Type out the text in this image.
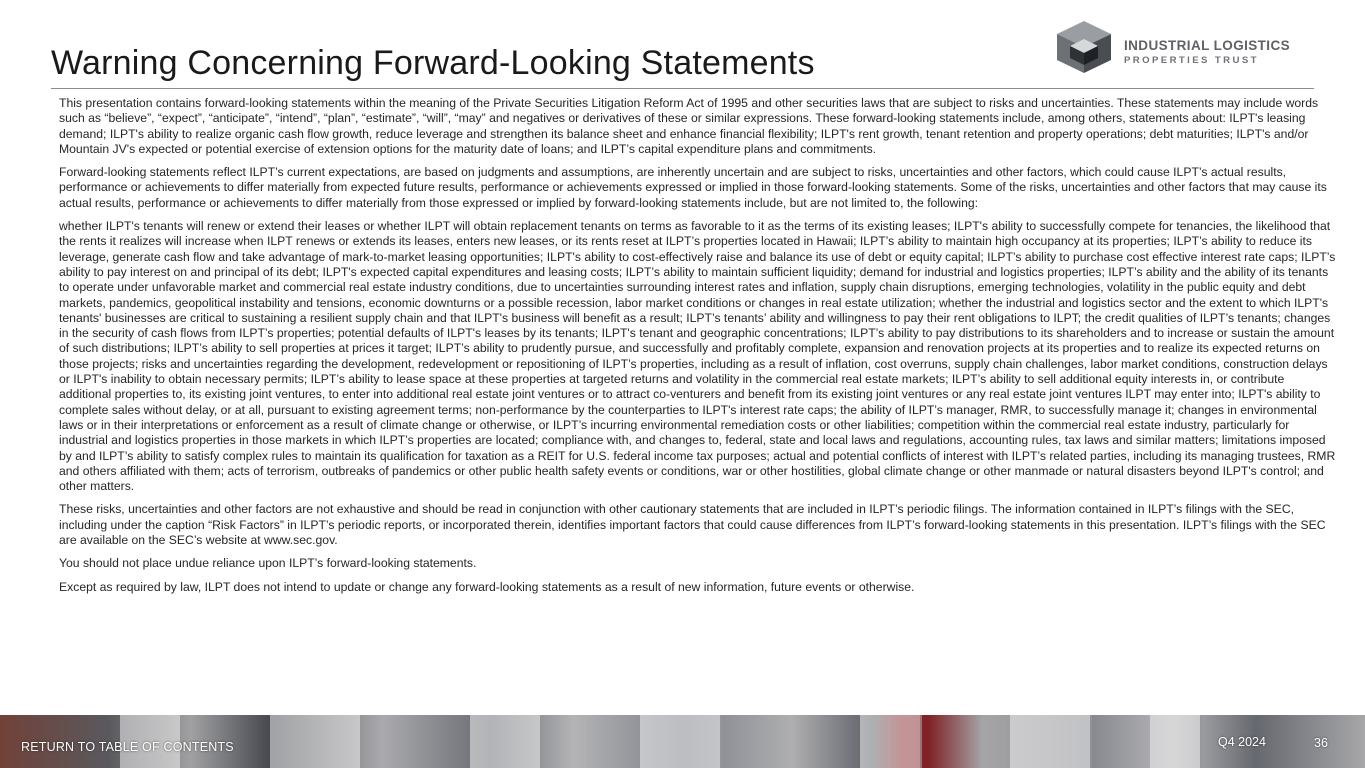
Warning Concerning Forward-Looking Statements	INDUSTRIAL LOGISTICS
PROPERTIES TRUST

This presentation contains forward-looking statements within the meaning of the Private Securities Litigation Reform Act of 1995 and other securities laws that are subject to risks and uncertainties. These statements may include words such as “believe”, “expect”, “anticipate”, “intend”, “plan”, “estimate”, “will”, “may” and negatives or derivatives of these or similar expressions. These forward-looking statements include, among others, statements about: ILPT's leasing demand; ILPT's ability to realize organic cash flow growth, reduce leverage and strengthen its balance sheet and enhance financial flexibility; ILPT's rent growth, tenant retention and property operations; debt maturities; ILPT's and/or Mountain JV's expected or potential exercise of extension options for the maturity date of loans; and ILPT’s capital expenditure plans and commitments.

Forward-looking statements reflect ILPT’s current expectations, are based on judgments and assumptions, are inherently uncertain and are subject to risks, uncertainties and other factors, which could cause ILPT’s actual results, performance or achievements to differ materially from expected future results, performance or achievements expressed or implied in those forward-looking statements. Some of the risks, uncertainties and other factors that may cause its actual results, performance or achievements to differ materially from those expressed or implied by forward-looking statements include, but are not limited to, the following:

whether ILPT's tenants will renew or extend their leases or whether ILPT will obtain replacement tenants on terms as favorable to it as the terms of its existing leases; ILPT's ability to successfully compete for tenancies, the likelihood that the rents it realizes will increase when ILPT renews or extends its leases, enters new leases, or its rents reset at ILPT’s properties located in Hawaii; ILPT’s ability to maintain high occupancy at its properties; ILPT’s ability to reduce its leverage, generate cash flow and take advantage of mark-to-market leasing opportunities; ILPT's ability to cost-effectively raise and balance its use of debt or equity capital; ILPT’s ability to purchase cost effective interest rate caps; ILPT’s ability to pay interest on and principal of its debt; ILPT's expected capital expenditures and leasing costs; ILPT’s ability to maintain sufficient liquidity; demand for industrial and logistics properties; ILPT’s ability and the ability of its tenants to operate under unfavorable market and commercial real estate industry conditions, due to uncertainties surrounding interest rates and inflation, supply chain disruptions, emerging technologies, volatility in the public equity and debt markets, pandemics, geopolitical instability and tensions, economic downturns or a possible recession, labor market conditions or changes in real estate utilization; whether the industrial and logistics sector and the extent to which ILPT's tenants' businesses are critical to sustaining a resilient supply chain and that ILPT's business will benefit as a result; ILPT’s tenants’ ability and willingness to pay their rent obligations to ILPT; the credit qualities of ILPT’s tenants; changes in the security of cash flows from ILPT’s properties; potential defaults of ILPT's leases by its tenants; ILPT's tenant and geographic concentrations; ILPT’s ability to pay distributions to its shareholders and to increase or sustain the amount of such distributions; ILPT’s ability to sell properties at prices it target; ILPT’s ability to prudently pursue, and successfully and profitably complete, expansion and renovation projects at its properties and to realize its expected returns on those projects; risks and uncertainties regarding the development, redevelopment or repositioning of ILPT’s properties, including as a result of inflation, cost overruns, supply chain challenges, labor market conditions, construction delays or ILPT's inability to obtain necessary permits; ILPT’s ability to lease space at these properties at targeted returns and volatility in the commercial real estate markets; ILPT’s ability to sell additional equity interests in, or contribute additional properties to, its existing joint ventures, to enter into additional real estate joint ventures or to attract co-venturers and benefit from its existing joint ventures or any real estate joint ventures ILPT may enter into; ILPT's ability to complete sales without delay, or at all, pursuant to existing agreement terms; non-performance by the counterparties to ILPT's interest rate caps; the ability of ILPT’s manager, RMR, to successfully manage it; changes in environmental laws or in their interpretations or enforcement as a result of climate change or otherwise, or ILPT’s incurring environmental remediation costs or other liabilities; competition within the commercial real estate industry, particularly for industrial and logistics properties in those markets in which ILPT’s properties are located; compliance with, and changes to, federal, state and local laws and regulations, accounting rules, tax laws and similar matters; limitations imposed by and ILPT’s ability to satisfy complex rules to maintain its qualification for taxation as a REIT for U.S. federal income tax purposes; actual and potential conflicts of interest with ILPT’s related parties, including its managing trustees, RMR and others affiliated with them; acts of terrorism, outbreaks of pandemics or other public health safety events or conditions, war or other hostilities, global climate change or other manmade or natural disasters beyond ILPT's control; and other matters.

These risks, uncertainties and other factors are not exhaustive and should be read in conjunction with other cautionary statements that are included in ILPT’s periodic filings. The information contained in ILPT’s filings with the SEC, including under the caption “Risk Factors” in ILPT’s periodic reports, or incorporated therein, identifies important factors that could cause differences from ILPT’s forward-looking statements in this presentation. ILPT’s filings with the SEC are available on the SEC’s website at www.sec.gov.

You should not place undue reliance upon ILPT’s forward-looking statements.

Except as required by law, ILPT does not intend to update or change any forward-looking statements as a result of new information, future events or otherwise.

RETURN TO TABLE OF CONTENTS	Q4 2024	36
